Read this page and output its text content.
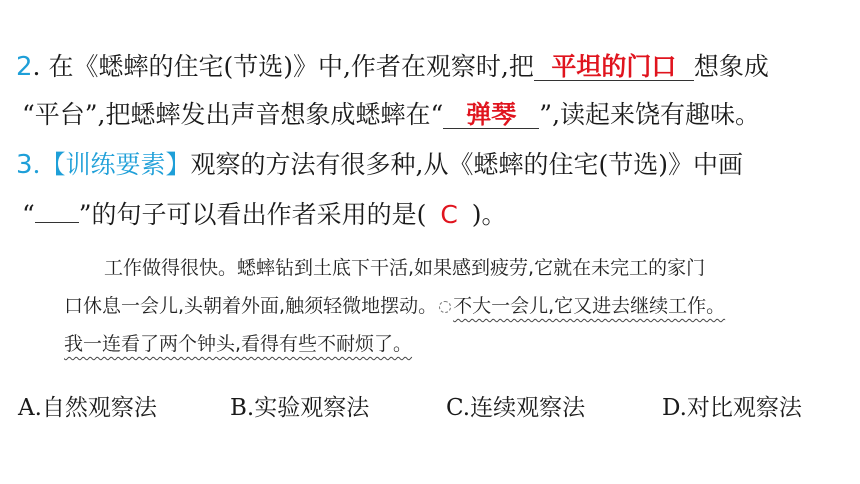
2. 在《蟋蟀的住宅(节选)》中,作者在观察时,把 平坦的门口 想象成
“平台”,把蟋蟀发出声音想象成蟋蟀在“ 弹琴 ”,读起来饶有趣味。
3.【训练要素】观察的方法有很多种,从《蟋蟀的住宅(节选)》中画
“ ”的句子可以看出作者采用的是( C )。
工作做得很快。蟋蟀钻到土底下干活,如果感到疲劳,它就在未完工的家门
口休息一会儿,头朝着外面,触须轻微地摆动。 不大一会儿,它又进去继续工作。
我一连看了两个钟头,看得有些不耐烦了。
A.自然观察法	B.实验观察法	C.连续观察法	D.对比观察法
